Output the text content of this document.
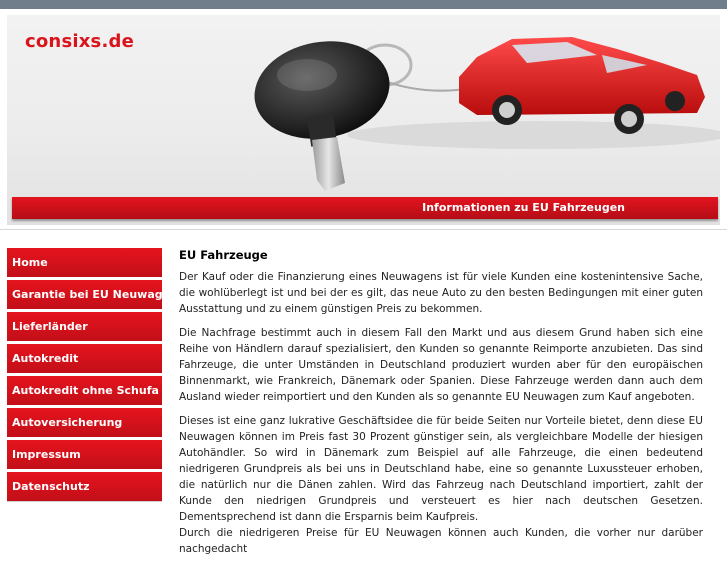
consixs.de
Informationen zu EU Fahrzeugen
Home
Garantie bei EU Neuwagen
Lieferländer
Autokredit
Autokredit ohne Schufa
Autoversicherung
Impressum
Datenschutz
EU Fahrzeuge

Der Kauf oder die Finanzierung eines Neuwagens ist für viele Kunden eine kostenintensive Sache, die wohlüberlegt ist und bei der es gilt, das neue Auto zu den besten Bedingungen mit einer guten Ausstattung und zu einem günstigen Preis zu bekommen.

Die Nachfrage bestimmt auch in diesem Fall den Markt und aus diesem Grund haben sich eine Reihe von Händlern darauf spezialisiert, den Kunden so genannte Reimporte anzubieten. Das sind Fahrzeuge, die unter Umständen in Deutschland produziert wurden aber für den europäischen Binnenmarkt, wie Frankreich, Dänemark oder Spanien. Diese Fahrzeuge werden dann auch dem Ausland wieder reimportiert und den Kunden als so genannte EU Neuwagen zum Kauf angeboten.

Dieses ist eine ganz lukrative Geschäftsidee die für beide Seiten nur Vorteile bietet, denn diese EU Neuwagen können im Preis fast 30 Prozent günstiger sein, als vergleichbare Modelle der hiesigen Autohändler. So wird in Dänemark zum Beispiel auf alle Fahrzeuge, die einen bedeutend niedrigeren Grundpreis als bei uns in Deutschland habe, eine so genannte Luxussteuer erhoben, die natürlich nur die Dänen zahlen. Wird das Fahrzeug nach Deutschland importiert, zahlt der Kunde den niedrigen Grundpreis und versteuert es hier nach deutschen Gesetzen. Dementsprechend ist dann die Ersparnis beim Kaufpreis.

Durch die niedrigeren Preise für EU Neuwagen können auch Kunden, die vorher nur darüber nachgedacht
